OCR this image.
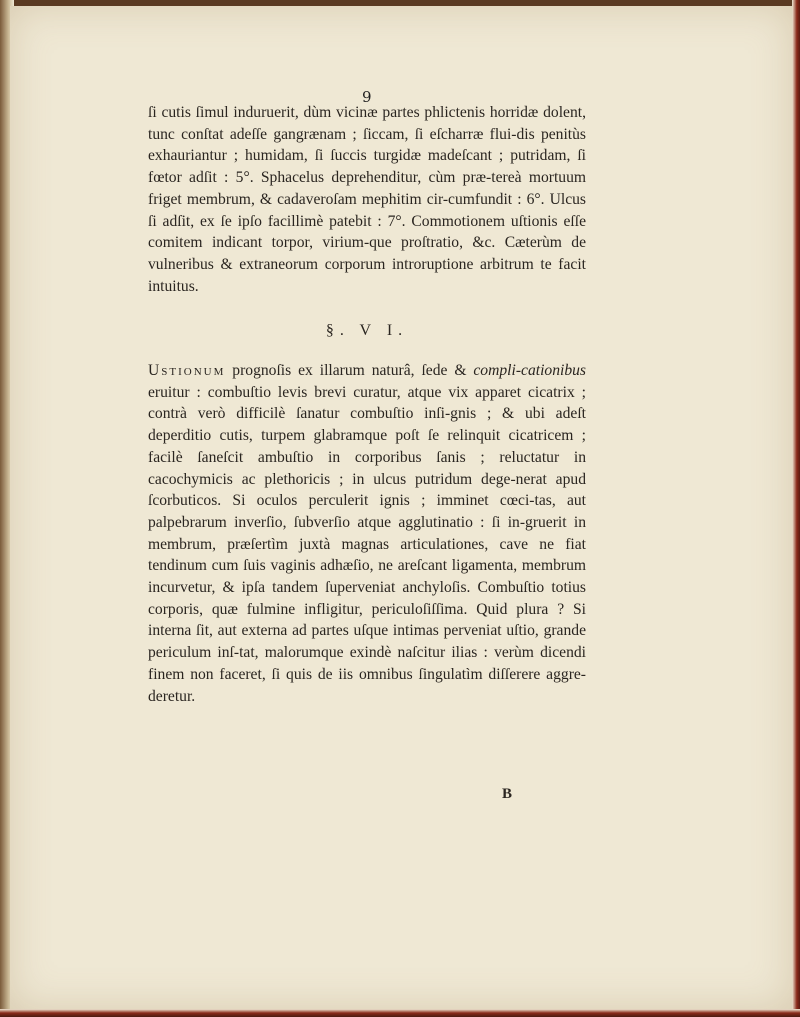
9

ſi cutis ſimul induruerit, dùm vicinæ partes phlictenis horridæ dolent, tunc conſtat adeſſe gangrænam ; ſiccam, ſi eſcharræ flui-dis penitùs exhauriantur ; humidam, ſi ſuccis turgidæ madeſcant ; putridam, ſi fœtor adſit : 5°. Sphacelus deprehenditur, cùm præ-tereà mortuum friget membrum, & cadaveroſam mephitim cir-cumfundit : 6°. Ulcus ſi adſit, ex ſe ipſo facillimè patebit : 7°. Commotionem uſtionis eſſe comitem indicant torpor, virium-que proſtratio, &c. Cæterùm de vulneribus & extraneorum corporum introruptione arbitrum te facit intuitus.

§. V I.

Ustionum prognoſis ex illarum naturâ, ſede & compli-cationibus eruitur : combuſtio levis brevi curatur, atque vix apparet cicatrix ; contrà verò difficilè ſanatur combuſtio inſi-gnis ; & ubi adeſt deperditio cutis, turpem glabramque poſt ſe relinquit cicatricem ; facilè ſaneſcit ambuſtio in corporibus ſanis ; reluctatur in cacochymicis ac plethoricis ; in ulcus putridum dege-nerat apud ſcorbuticos. Si oculos perculerit ignis ; imminet cœci-tas, aut palpebrarum inverſio, ſubverſio atque agglutinatio : ſi in-gruerit in membrum, præſertìm juxtà magnas articulationes, cave ne fiat tendinum cum ſuis vaginis adhæſio, ne areſcant ligamenta, membrum incurvetur, & ipſa tandem ſuperveniat anchyloſis. Combuſtio totius corporis, quæ fulmine infligitur, periculoſiſſima. Quid plura ? Si interna ſit, aut externa ad partes uſque intimas perveniat uſtio, grande periculum inſ-tat, malorumque exindè naſcitur ilias : verùm dicendi finem non faceret, ſi quis de iis omnibus ſingulatìm diſſerere aggre-deretur.

B
